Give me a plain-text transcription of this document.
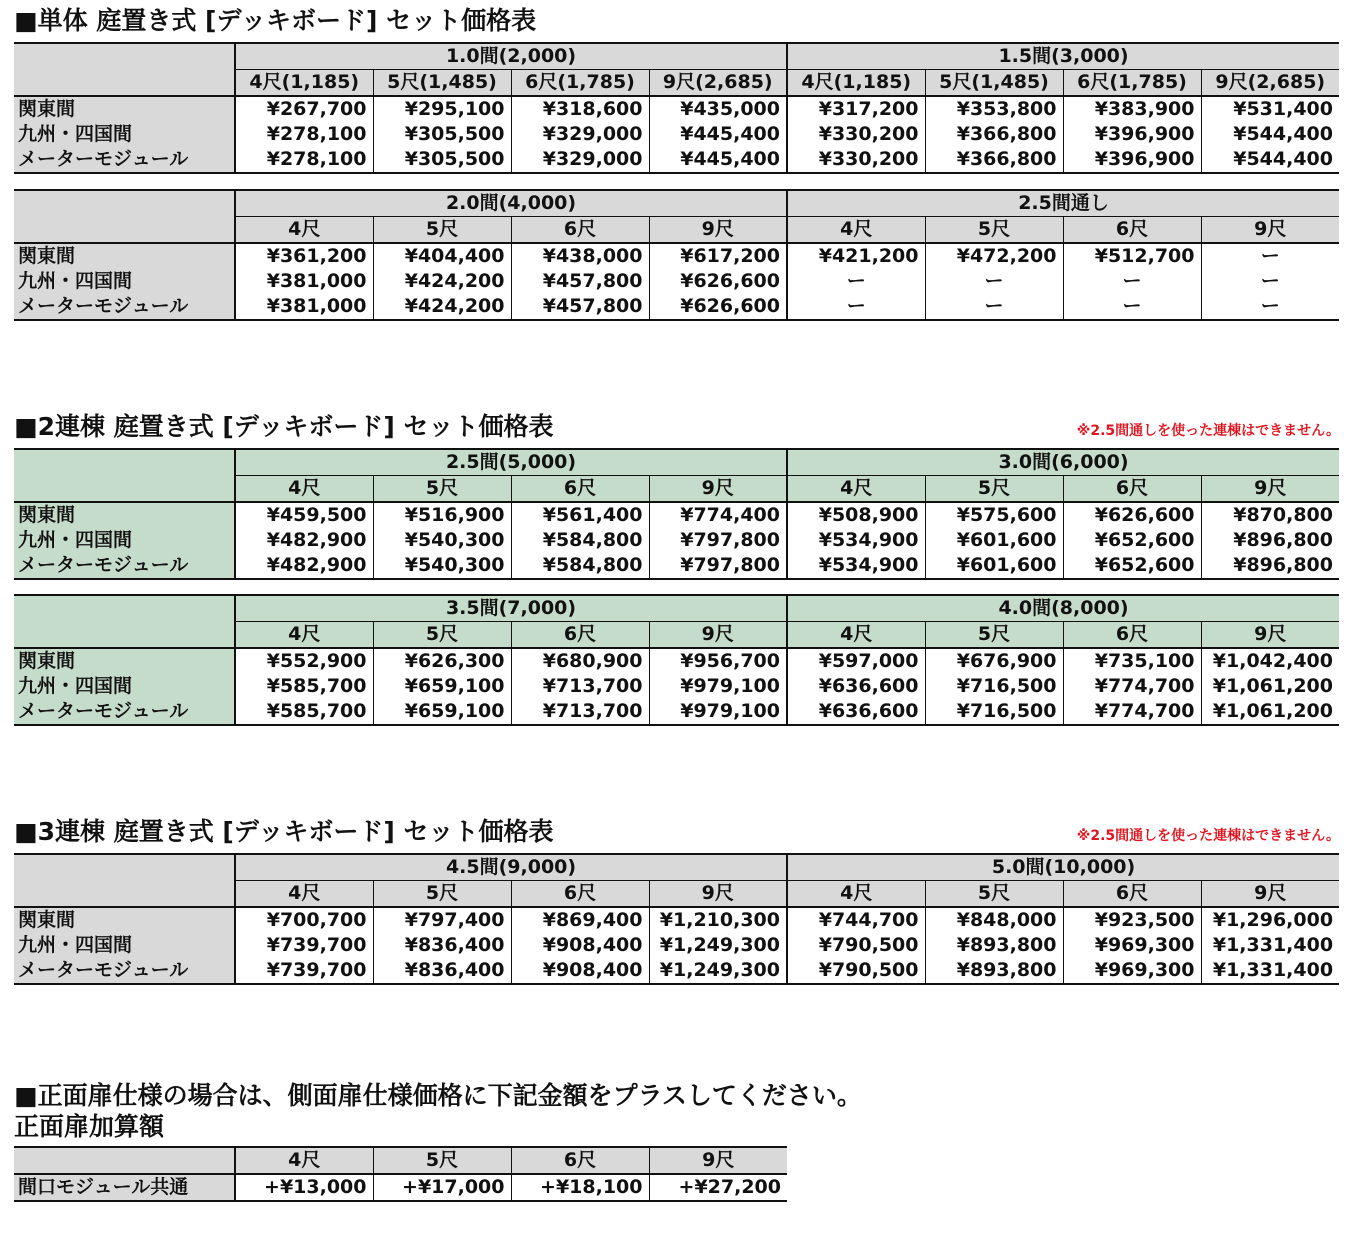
■単体 庭置き式 [デッキボード] セット価格表
	1.0間(2,000)				1.5間(3,000)			
	4尺(1,185)	5尺(1,485)	6尺(1,785)	9尺(2,685)	4尺(1,185)	5尺(1,485)	6尺(1,785)	9尺(2,685)
関東間	¥267,700	¥295,100	¥318,600	¥435,000	¥317,200	¥353,800	¥383,900	¥531,400
九州・四国間	¥278,100	¥305,500	¥329,000	¥445,400	¥330,200	¥366,800	¥396,900	¥544,400
メーターモジュール	¥278,100	¥305,500	¥329,000	¥445,400	¥330,200	¥366,800	¥396,900	¥544,400
	2.0間(4,000)				2.5間通し			
	4尺	5尺	6尺	9尺	4尺	5尺	6尺	9尺
関東間	¥361,200	¥404,400	¥438,000	¥617,200	¥421,200	¥472,200	¥512,700	ー
九州・四国間	¥381,000	¥424,200	¥457,800	¥626,600	ー	ー	ー	ー
メーターモジュール	¥381,000	¥424,200	¥457,800	¥626,600	ー	ー	ー	ー
■2連棟 庭置き式 [デッキボード] セット価格表	※2.5間通しを使った連棟はできません。
	2.5間(5,000)				3.0間(6,000)			
	4尺	5尺	6尺	9尺	4尺	5尺	6尺	9尺
関東間	¥459,500	¥516,900	¥561,400	¥774,400	¥508,900	¥575,600	¥626,600	¥870,800
九州・四国間	¥482,900	¥540,300	¥584,800	¥797,800	¥534,900	¥601,600	¥652,600	¥896,800
メーターモジュール	¥482,900	¥540,300	¥584,800	¥797,800	¥534,900	¥601,600	¥652,600	¥896,800
	3.5間(7,000)				4.0間(8,000)			
	4尺	5尺	6尺	9尺	4尺	5尺	6尺	9尺
関東間	¥552,900	¥626,300	¥680,900	¥956,700	¥597,000	¥676,900	¥735,100	¥1,042,400
九州・四国間	¥585,700	¥659,100	¥713,700	¥979,100	¥636,600	¥716,500	¥774,700	¥1,061,200
メーターモジュール	¥585,700	¥659,100	¥713,700	¥979,100	¥636,600	¥716,500	¥774,700	¥1,061,200
■3連棟 庭置き式 [デッキボード] セット価格表	※2.5間通しを使った連棟はできません。
	4.5間(9,000)				5.0間(10,000)			
	4尺	5尺	6尺	9尺	4尺	5尺	6尺	9尺
関東間	¥700,700	¥797,400	¥869,400	¥1,210,300	¥744,700	¥848,000	¥923,500	¥1,296,000
九州・四国間	¥739,700	¥836,400	¥908,400	¥1,249,300	¥790,500	¥893,800	¥969,300	¥1,331,400
メーターモジュール	¥739,700	¥836,400	¥908,400	¥1,249,300	¥790,500	¥893,800	¥969,300	¥1,331,400
■正面扉仕様の場合は、側面扉仕様価格に下記金額をプラスしてください。
正面扉加算額
	4尺	5尺	6尺	9尺
間口モジュール共通	+¥13,000	+¥17,000	+¥18,100	+¥27,200
